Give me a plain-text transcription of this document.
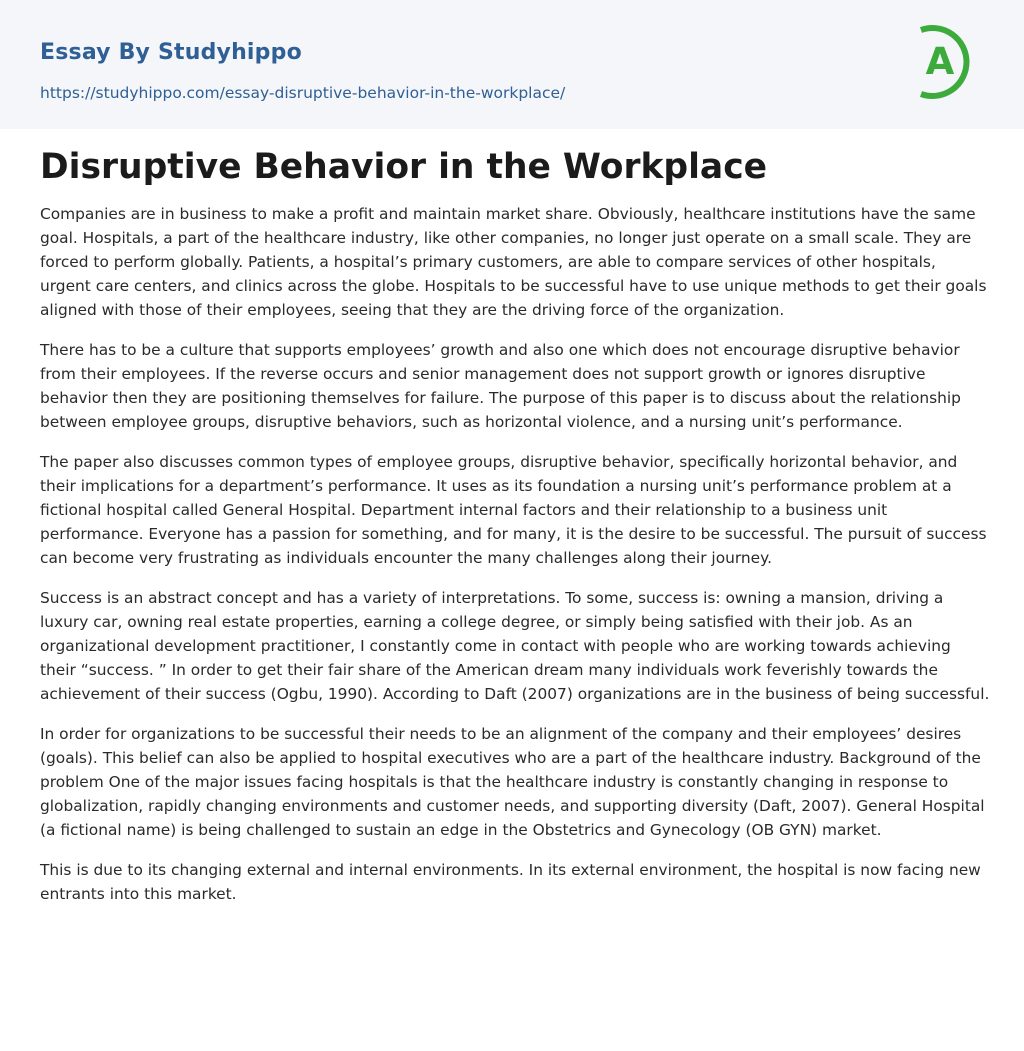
Essay By Studyhippo
https://studyhippo.com/essay-disruptive-behavior-in-the-workplace/
A
Disruptive Behavior in the Workplace

Companies are in business to make a profit and maintain market share. Obviously, healthcare institutions have the same goal. Hospitals, a part of the healthcare industry, like other companies, no longer just operate on a small scale. They are forced to perform globally. Patients, a hospital’s primary customers, are able to compare services of other hospitals, urgent care centers, and clinics across the globe. Hospitals to be successful have to use unique methods to get their goals aligned with those of their employees, seeing that they are the driving force of the organization.

There has to be a culture that supports employees’ growth and also one which does not encourage disruptive behavior from their employees. If the reverse occurs and senior management does not support growth or ignores disruptive behavior then they are positioning themselves for failure. The purpose of this paper is to discuss about the relationship between employee groups, disruptive behaviors, such as horizontal violence, and a nursing unit’s performance.

The paper also discusses common types of employee groups, disruptive behavior, specifically horizontal behavior, and their implications for a department’s performance. It uses as its foundation a nursing unit’s performance problem at a fictional hospital called General Hospital. Department internal factors and their relationship to a business unit performance. Everyone has a passion for something, and for many, it is the desire to be successful. The pursuit of success can become very frustrating as individuals encounter the many challenges along their journey.

Success is an abstract concept and has a variety of interpretations. To some, success is: owning a mansion, driving a luxury car, owning real estate properties, earning a college degree, or simply being satisfied with their job. As an organizational development practitioner, I constantly come in contact with people who are working towards achieving their “success. ” In order to get their fair share of the American dream many individuals work feverishly towards the achievement of their success (Ogbu, 1990). According to Daft (2007) organizations are in the business of being successful.

In order for organizations to be successful their needs to be an alignment of the company and their employees’ desires (goals). This belief can also be applied to hospital executives who are a part of the healthcare industry. Background of the problem One of the major issues facing hospitals is that the healthcare industry is constantly changing in response to globalization, rapidly changing environments and customer needs, and supporting diversity (Daft, 2007). General Hospital (a fictional name) is being challenged to sustain an edge in the Obstetrics and Gynecology (OB GYN) market.

This is due to its changing external and internal environments. In its external environment, the hospital is now facing new entrants into this market.
